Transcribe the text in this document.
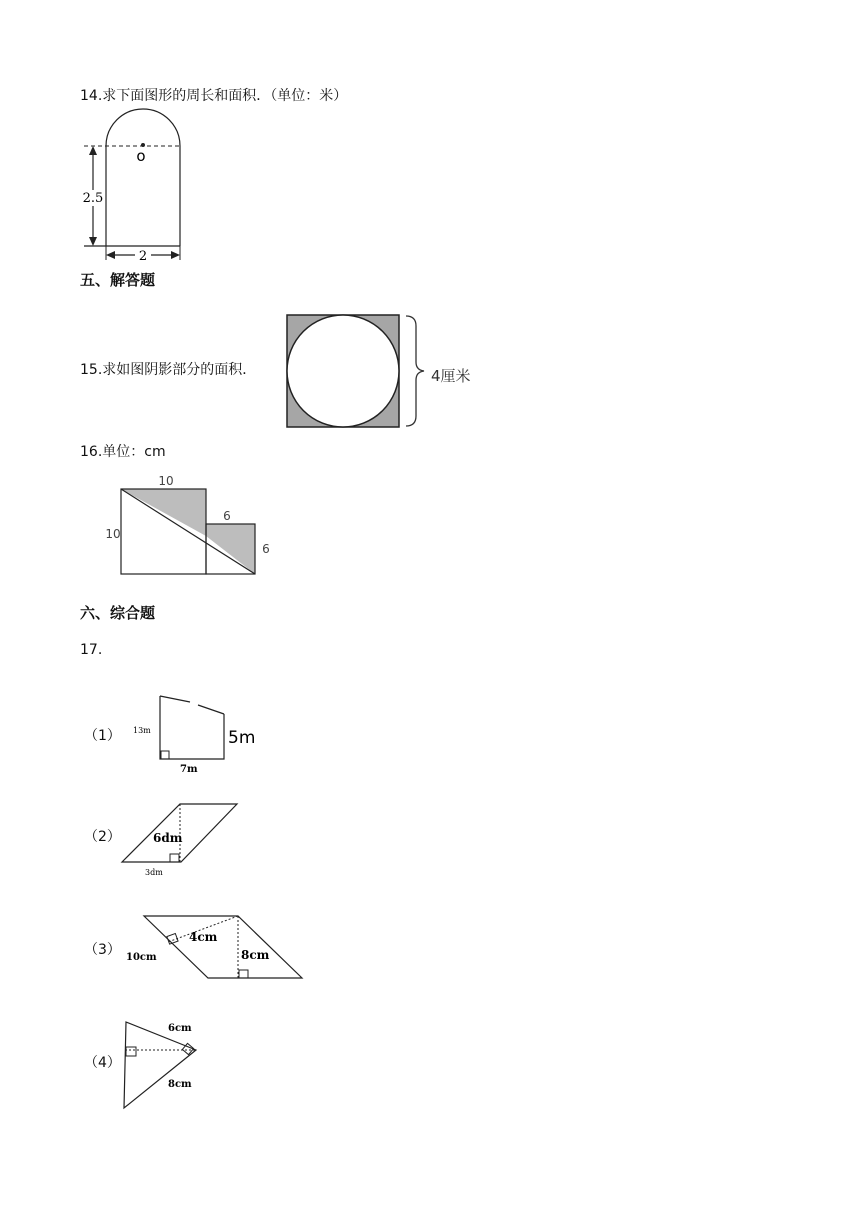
14.求下面图形的周长和面积．（单位：米）
o
2.5
2
五、解答题
15.求如图阴影部分的面积．	4厘米
16.单位：cm
10
10
6
6
六、综合题
17.
（1） 13m	5m
7m
（2）	6dm
3dm
（3）
4cm
10cm	8cm
（4）
6cm
8cm
